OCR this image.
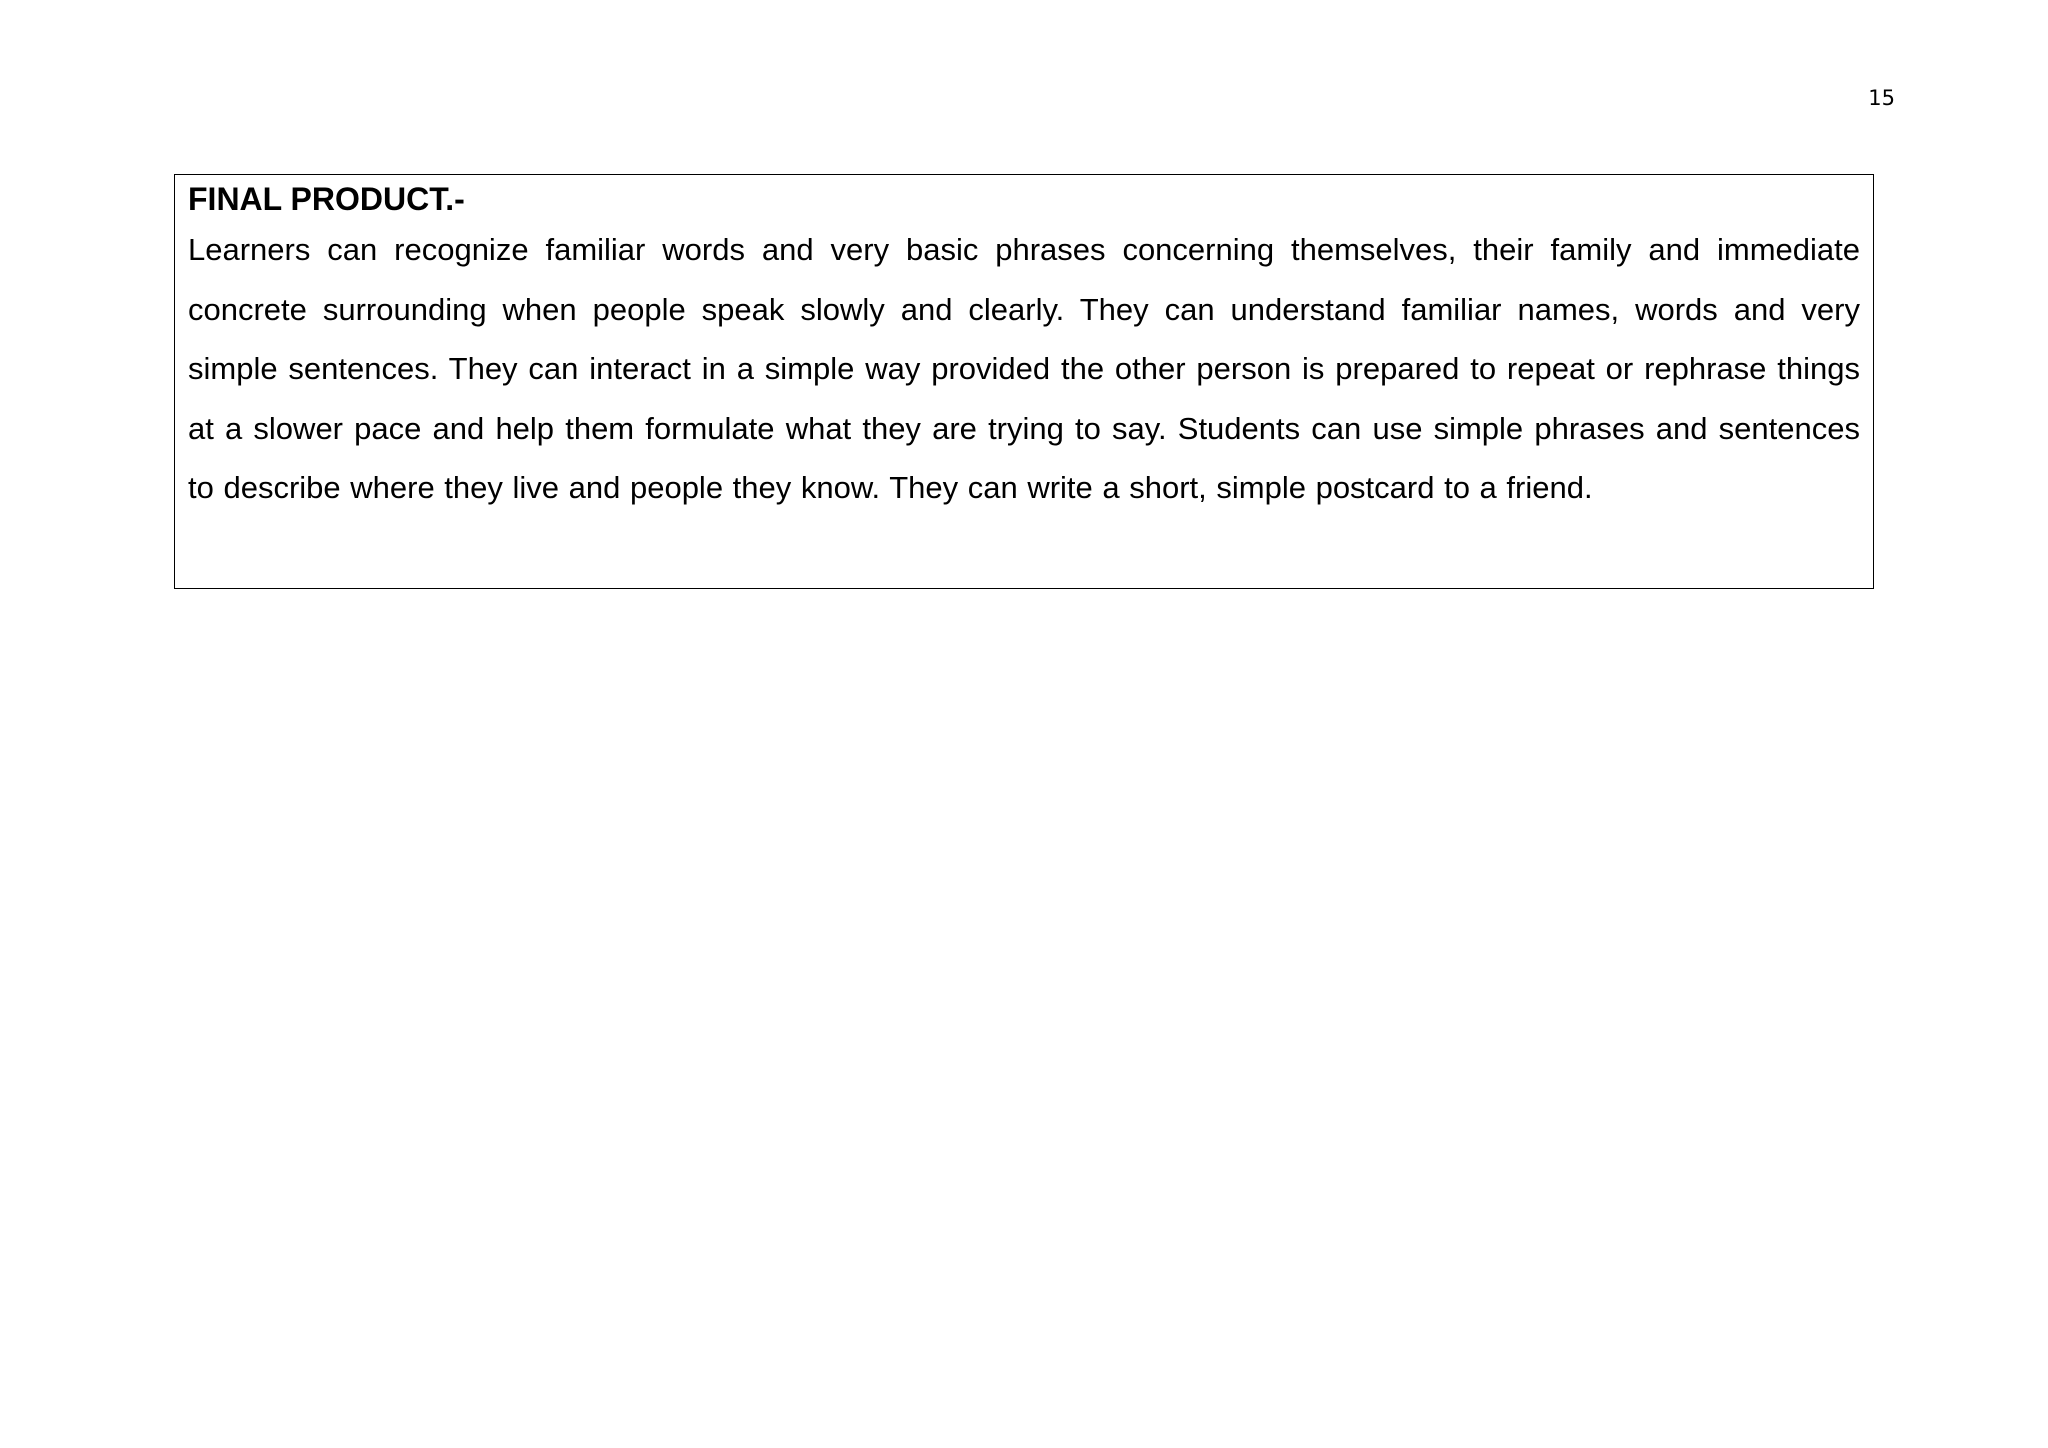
15

FINAL PRODUCT.-

Learners can recognize familiar words and very basic phrases concerning themselves, their family and immediate concrete surrounding when people speak slowly and clearly. They can understand familiar names, words and very simple sentences. They can interact in a simple way provided the other person is prepared to repeat or rephrase things at a slower pace and help them formulate what they are trying to say. Students can use simple phrases and sentences to describe where they live and people they know. They can write a short, simple postcard to a friend.
